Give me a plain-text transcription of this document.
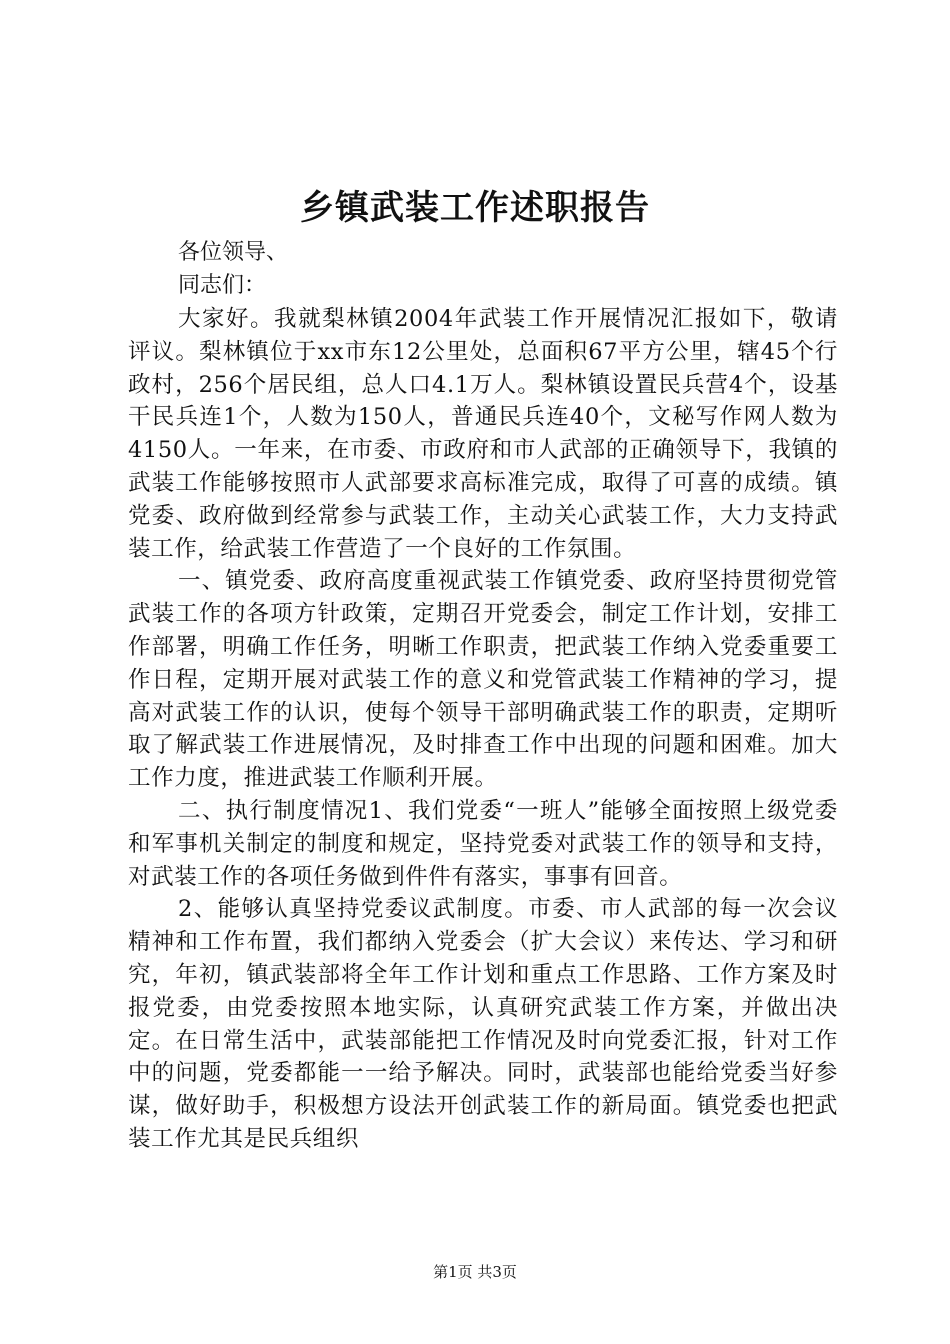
乡镇武装工作述职报告
各位领导、
同志们：

大家好。我就梨林镇2004年武装工作开展情况汇报如下，敬请评议。梨林镇位于xx市东12公里处，总面积67平方公里，辖45个行政村，256个居民组，总人口4.1万人。梨林镇设置民兵营4个，设基干民兵连1个，人数为150人，普通民兵连40个，文秘写作网人数为4150人。一年来，在市委、市政府和市人武部的正确领导下，我镇的武装工作能够按照市人武部要求高标准完成，取得了可喜的成绩。镇党委、政府做到经常参与武装工作，主动关心武装工作，大力支持武装工作，给武装工作营造了一个良好的工作氛围。

一、镇党委、政府高度重视武装工作镇党委、政府坚持贯彻党管武装工作的各项方针政策，定期召开党委会，制定工作计划，安排工作部署，明确工作任务，明晰工作职责，把武装工作纳入党委重要工作日程，定期开展对武装工作的意义和党管武装工作精神的学习，提高对武装工作的认识，使每个领导干部明确武装工作的职责，定期听取了解武装工作进展情况，及时排查工作中出现的问题和困难。加大工作力度，推进武装工作顺利开展。

二、执行制度情况1、我们党委“一班人”能够全面按照上级党委和军事机关制定的制度和规定，坚持党委对武装工作的领导和支持，对武装工作的各项任务做到件件有落实，事事有回音。

2、能够认真坚持党委议武制度。市委、市人武部的每一次会议精神和工作布置，我们都纳入党委会（扩大会议）来传达、学习和研究，年初，镇武装部将全年工作计划和重点工作思路、工作方案及时报党委，由党委按照本地实际，认真研究武装工作方案，并做出决定。在日常生活中，武装部能把工作情况及时向党委汇报，针对工作中的问题，党委都能一一给予解决。同时，武装部也能给党委当好参谋，做好助手，积极想方设法开创武装工作的新局面。镇党委也把武装工作尤其是民兵组织

第1页 共3页
